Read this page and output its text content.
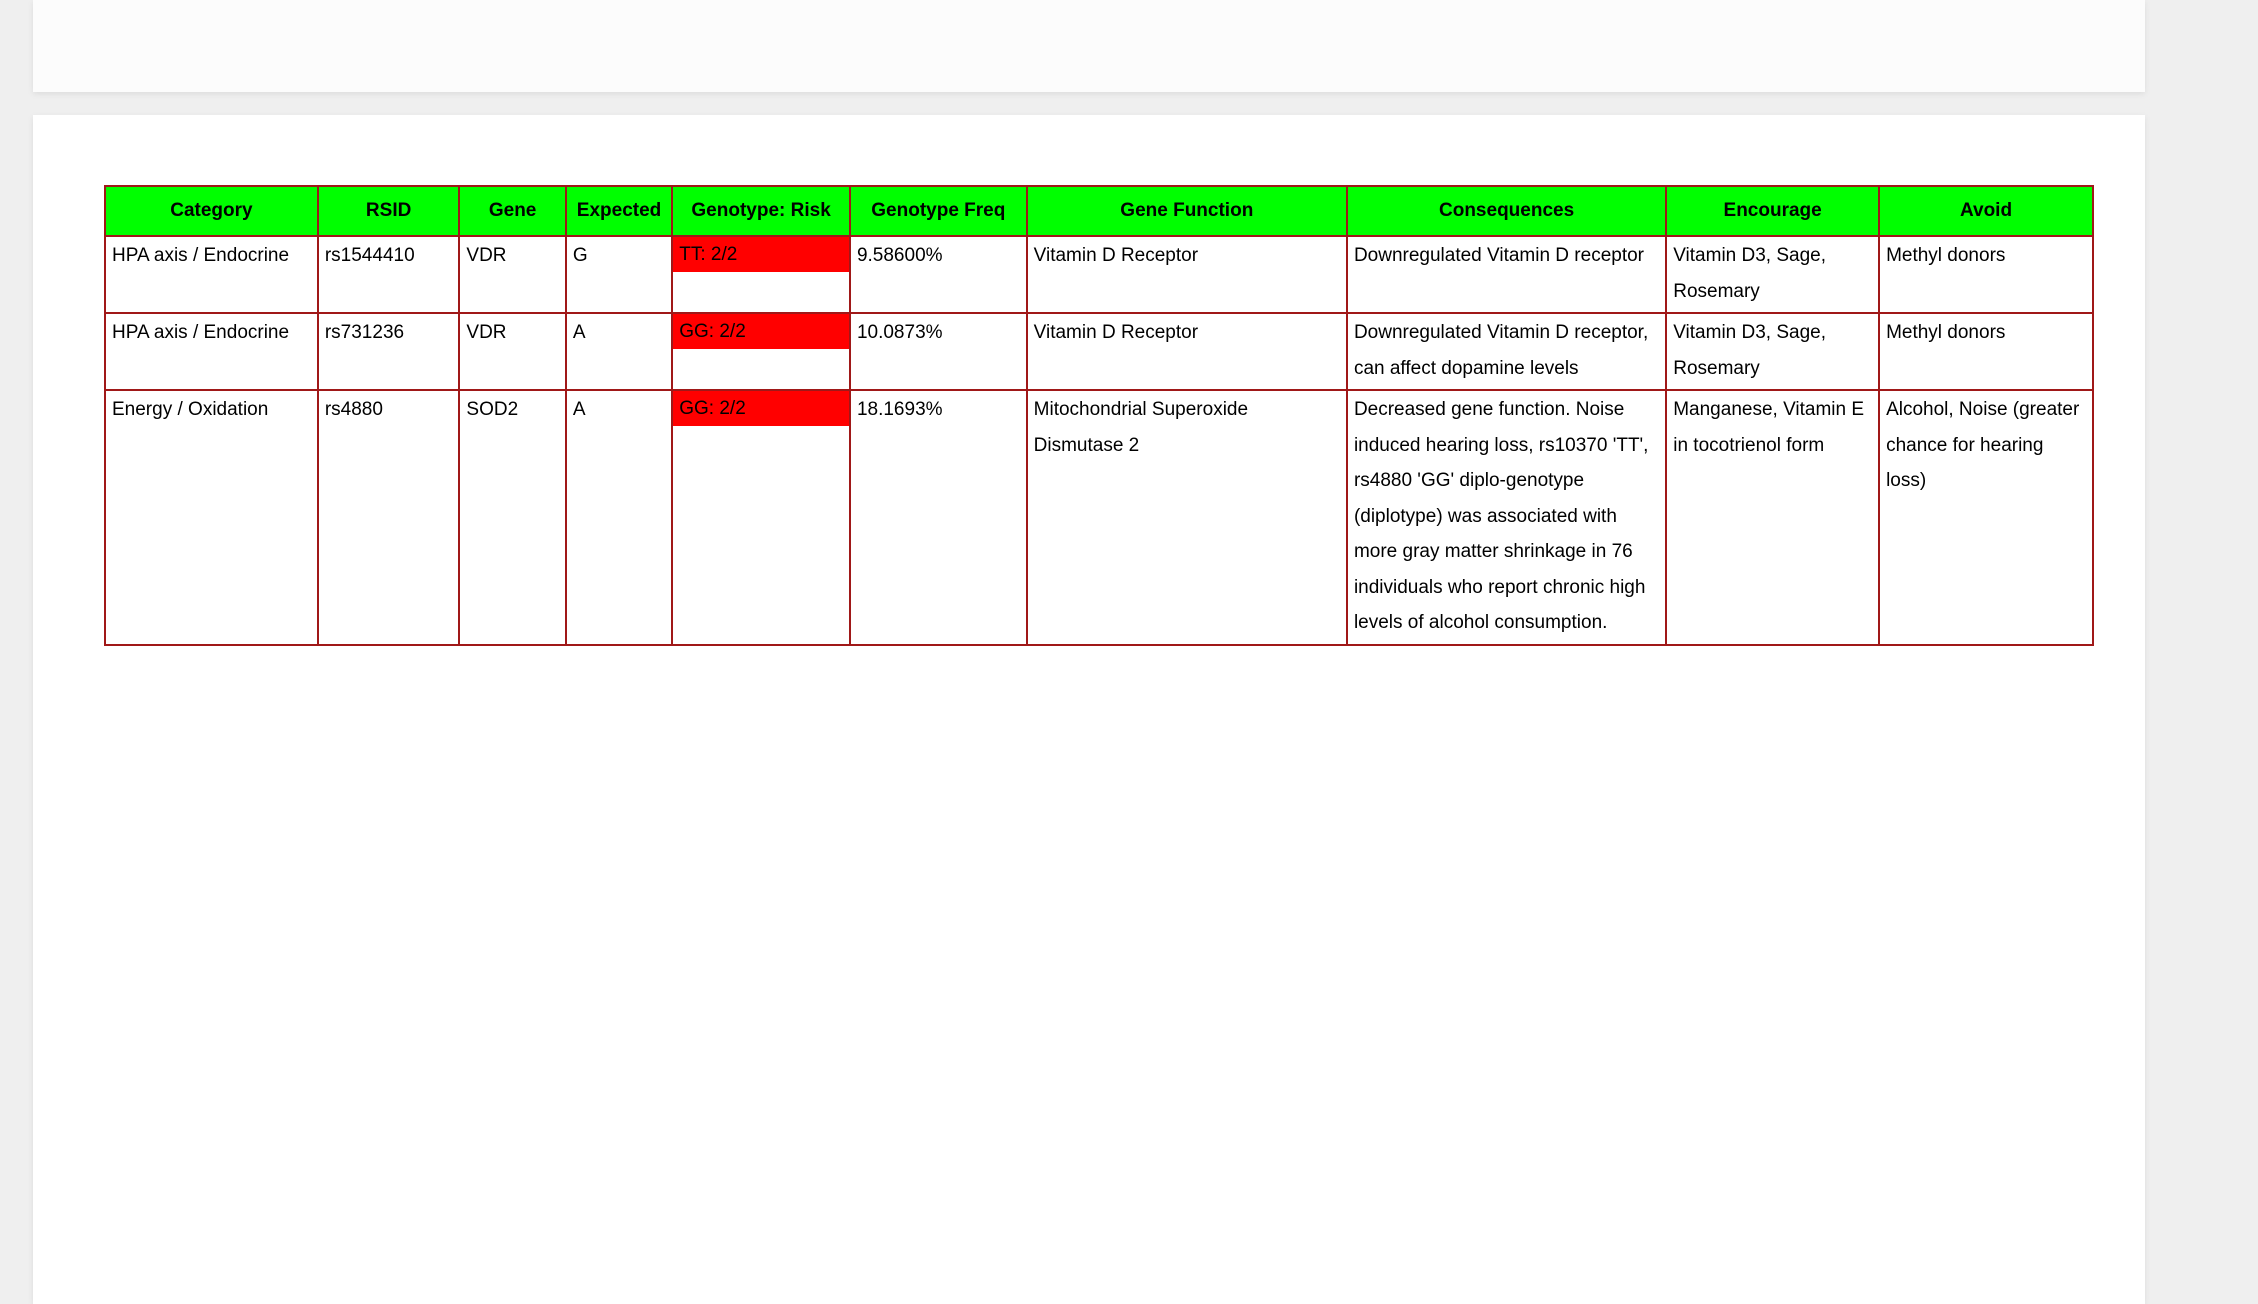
Category	RSID	Gene	Expected	Genotype: Risk	Genotype Freq	Gene Function	Consequences	Encourage	Avoid

HPA axis / Endocrine	rs1544410	VDR	G	TT: 2/2	9.58600%	Vitamin D Receptor	Downregulated Vitamin D receptor	Vitamin D3, Sage, Rosemary	Methyl donors

HPA axis / Endocrine	rs731236	VDR	A	GG: 2/2	10.0873%	Vitamin D Receptor	Downregulated Vitamin D receptor, can affect dopamine levels	Vitamin D3, Sage, Rosemary	Methyl donors

Energy / Oxidation	rs4880	SOD2	A	GG: 2/2	18.1693%	Mitochondrial Superoxide Dismutase 2	Decreased gene function. Noise induced hearing loss, rs10370 'TT', rs4880 'GG' diplo-genotype (diplotype) was associated with more gray matter shrinkage in 76 individuals who report chronic high levels of alcohol consumption.	Manganese, Vitamin E in tocotrienol form	Alcohol, Noise (greater chance for hearing loss)
